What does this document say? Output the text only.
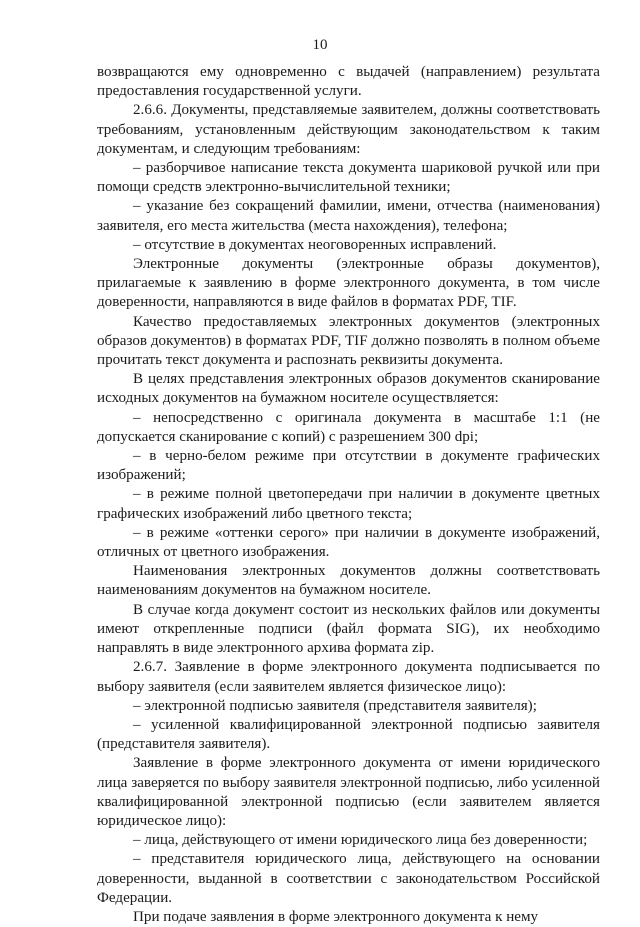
10

возвращаются ему одновременно с выдачей (направлением) результата предоставления государственной услуги.

2.6.6. Документы, представляемые заявителем, должны соответствовать требованиям, установленным действующим законодательством к таким документам, и следующим требованиям:

– разборчивое написание текста документа шариковой ручкой или при помощи средств электронно-вычислительной техники;

– указание без сокращений фамилии, имени, отчества (наименования) заявителя, его места жительства (места нахождения), телефона;

– отсутствие в документах неоговоренных исправлений.

Электронные документы (электронные образы документов), прилагаемые к заявлению в форме электронного документа, в том числе доверенности, направляются в виде файлов в форматах PDF, TIF.

Качество предоставляемых электронных документов (электронных образов документов) в форматах PDF, TIF должно позволять в полном объеме прочитать текст документа и распознать реквизиты документа.

В целях представления электронных образов документов сканирование исходных документов на бумажном носителе осуществляется:

– непосредственно с оригинала документа в масштабе 1:1 (не допускается сканирование с копий) с разрешением 300 dpi;

– в черно-белом режиме при отсутствии в документе графических изображений;

– в режиме полной цветопередачи при наличии в документе цветных графических изображений либо цветного текста;

– в режиме «оттенки серого» при наличии в документе изображений, отличных от цветного изображения.

Наименования электронных документов должны соответствовать наименованиям документов на бумажном носителе.

В случае когда документ состоит из нескольких файлов или документы имеют открепленные подписи (файл формата SIG), их необходимо направлять в виде электронного архива формата zip.

2.6.7. Заявление в форме электронного документа подписывается по выбору заявителя (если заявителем является физическое лицо):

– электронной подписью заявителя (представителя заявителя);

– усиленной квалифицированной электронной подписью заявителя (представителя заявителя).

Заявление в форме электронного документа от имени юридического лица заверяется по выбору заявителя электронной подписью, либо усиленной квалифицированной электронной подписью (если заявителем является юридическое лицо):

– лица, действующего от имени юридического лица без доверенности;

– представителя юридического лица, действующего на основании доверенности, выданной в соответствии с законодательством Российской Федерации.

При подаче заявления в форме электронного документа к нему
